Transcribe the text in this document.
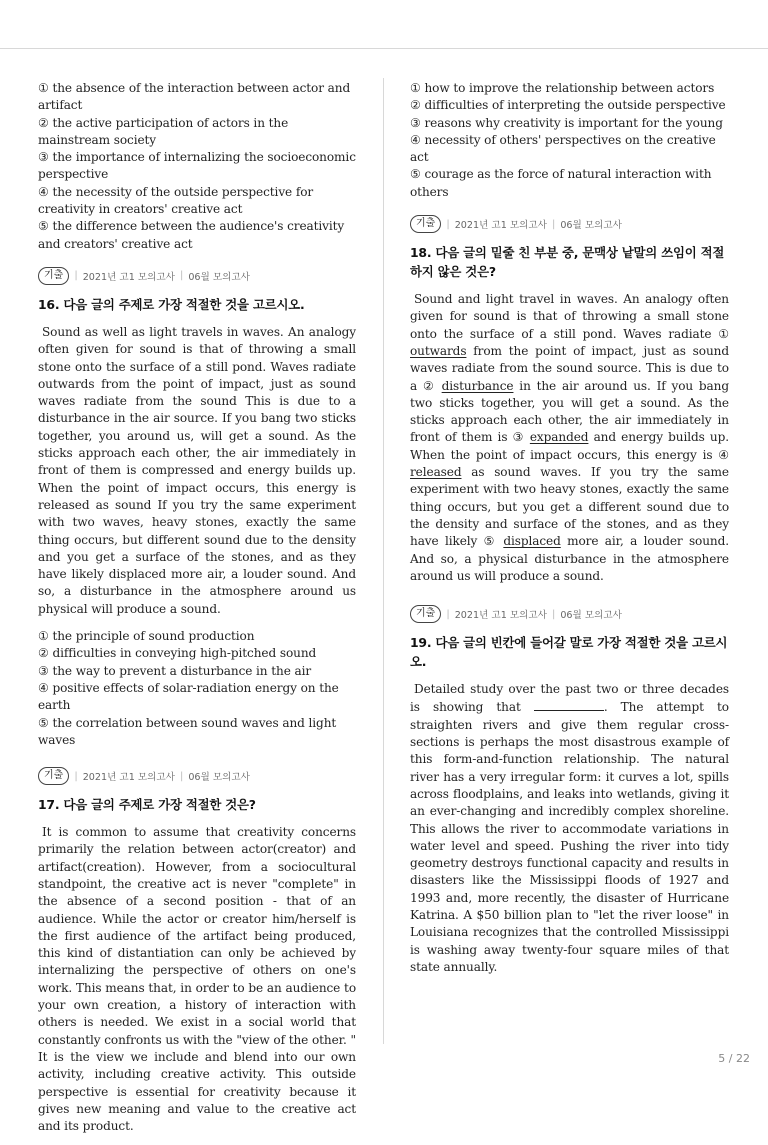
① the absence of the interaction between actor and artifact
② the active participation of actors in the mainstream society
③ the importance of internalizing the socioeconomic perspective
④ the necessity of the outside perspective for creativity in creators' creative act
⑤ the difference between the audience's creativity and creators' creative act
기출	| 2021년 고1 모의고사 | 06월 모의고사
16. 다음 글의 주제로 가장 적절한 것을 고르시오.

Sound as well as light travels in waves. An analogy often given for sound is that of throwing a small stone onto the surface of a still pond. Waves radiate outwards from the point of impact, just as sound waves radiate from the sound This is due to a disturbance in the air source. If you bang two sticks together, you around us, will get a sound. As the sticks approach each other, the air immediately in front of them is compressed and energy builds up. When the point of impact occurs, this energy is released as sound If you try the same experiment with two waves, heavy stones, exactly the same thing occurs, but different sound due to the density and you get a surface of the stones, and as they have likely displaced more air, a louder sound. And so, a disturbance in the atmosphere around us physical will produce a sound.

① the principle of sound production
② difficulties in conveying high-pitched sound
③ the way to prevent a disturbance in the air
④ positive effects of solar-radiation energy on the earth
⑤ the correlation between sound waves and light waves
기출	| 2021년 고1 모의고사 | 06월 모의고사
17. 다음 글의 주제로 가장 적절한 것은?

It is common to assume that creativity concerns primarily the relation between actor(creator) and artifact(creation). However, from a sociocultural standpoint, the creative act is never "complete" in the absence of a second position - that of an audience. While the actor or creator him/herself is the first audience of the artifact being produced, this kind of distantiation can only be achieved by internalizing the perspective of others on one's work. This means that, in order to be an audience to your own creation, a history of interaction with others is needed. We exist in a social world that constantly confronts us with the "view of the other. " It is the view we include and blend into our own activity, including creative activity. This outside perspective is essential for creativity because it gives new meaning and value to the creative act and its product.

① how to improve the relationship between actors
② difficulties of interpreting the outside perspective
③ reasons why creativity is important for the young
④ necessity of others' perspectives on the creative act
⑤ courage as the force of natural interaction with others
기출	| 2021년 고1 모의고사 | 06월 모의고사
18. 다음 글의 밑줄 친 부분 중, 문맥상 낱말의 쓰임이 적절하지 않은 것은?

Sound and light travel in waves. An analogy often given for sound is that of throwing a small stone onto the surface of a still pond. Waves radiate ① outwards from the point of impact, just as sound waves radiate from the sound source. This is due to a ② disturbance in the air around us. If you bang two sticks together, you will get a sound. As the sticks approach each other, the air immediately in front of them is ③ expanded and energy builds up. When the point of impact occurs, this energy is ④ released as sound waves. If you try the same experiment with two heavy stones, exactly the same thing occurs, but you get a different sound due to the density and surface of the stones, and as they have likely ⑤ displaced more air, a louder sound. And so, a physical disturbance in the atmosphere around us will produce a sound.

기출	| 2021년 고1 모의고사 | 06월 모의고사
19. 다음 글의 빈칸에 들어갈 말로 가장 적절한 것을 고르시오.

Detailed study over the past two or three decades is showing that	. The attempt to straighten rivers and give them regular cross-sections is perhaps the most disastrous example of this form-and-function relationship. The natural river has a very irregular form: it curves a lot, spills across floodplains, and leaks into wetlands, giving it an ever-changing and incredibly complex shoreline. This allows the river to accommodate variations in water level and speed. Pushing the river into tidy geometry destroys functional capacity and results in disasters like the Mississippi floods of 1927 and 1993 and, more recently, the disaster of Hurricane Katrina. A $50 billion plan to "let the river loose" in Louisiana recognizes that the controlled Mississippi is washing away twenty-four square miles of that state annually.

5 / 22
